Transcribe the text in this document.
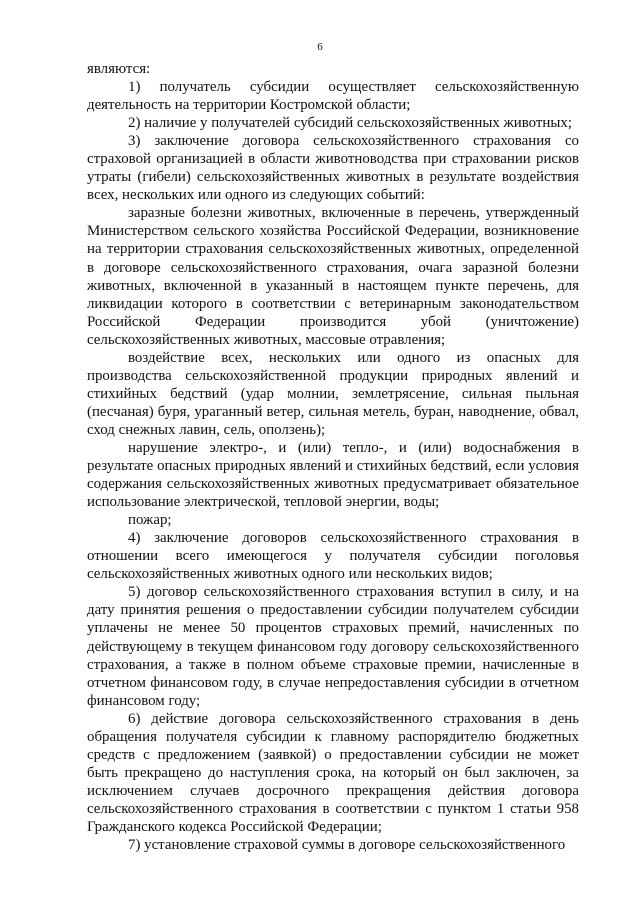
6

являются:

1) получатель субсидии осуществляет сельскохозяйственную деятельность на территории Костромской области;

2) наличие у получателей субсидий сельскохозяйственных животных;

3) заключение договора сельскохозяйственного страхования со страховой организацией в области животноводства при страховании рисков утраты (гибели) сельскохозяйственных животных в результате воздействия всех, нескольких или одного из следующих событий:

заразные болезни животных, включенные в перечень, утвержденный Министерством сельского хозяйства Российской Федерации, возникновение на территории страхования сельскохозяйственных животных, определенной в договоре сельскохозяйственного страхования, очага заразной болезни животных, включенной в указанный в настоящем пункте перечень, для ликвидации которого в соответствии с ветеринарным законодательством Российской Федерации производится убой (уничтожение) сельскохозяйственных животных, массовые отравления;

воздействие всех, нескольких или одного из опасных для производства сельскохозяйственной продукции природных явлений и стихийных бедствий (удар молнии, землетрясение, сильная пыльная (песчаная) буря, ураганный ветер, сильная метель, буран, наводнение, обвал, сход снежных лавин, сель, оползень);

нарушение электро-, и (или) тепло-, и (или) водоснабжения в результате опасных природных явлений и стихийных бедствий, если условия содержания сельскохозяйственных животных предусматривает обязательное использование электрической, тепловой энергии, воды;

пожар;

4) заключение договоров сельскохозяйственного страхования в отношении всего имеющегося у получателя субсидии поголовья сельскохозяйственных животных одного или нескольких видов;

5) договор сельскохозяйственного страхования вступил в силу, и на дату принятия решения о предоставлении субсидии получателем субсидии уплачены не менее 50 процентов страховых премий, начисленных по действующему в текущем финансовом году договору сельскохозяйственного страхования, а также в полном объеме страховые премии, начисленные в отчетном финансовом году, в случае непредоставления субсидии в отчетном финансовом году;

6) действие договора сельскохозяйственного страхования в день обращения получателя субсидии к главному распорядителю бюджетных средств с предложением (заявкой) о предоставлении субсидии не может быть прекращено до наступления срока, на который он был заключен, за исключением случаев досрочного прекращения действия договора сельскохозяйственного страхования в соответствии с пунктом 1 статьи 958 Гражданского кодекса Российской Федерации;

7) установление страховой суммы в договоре сельскохозяйственного
